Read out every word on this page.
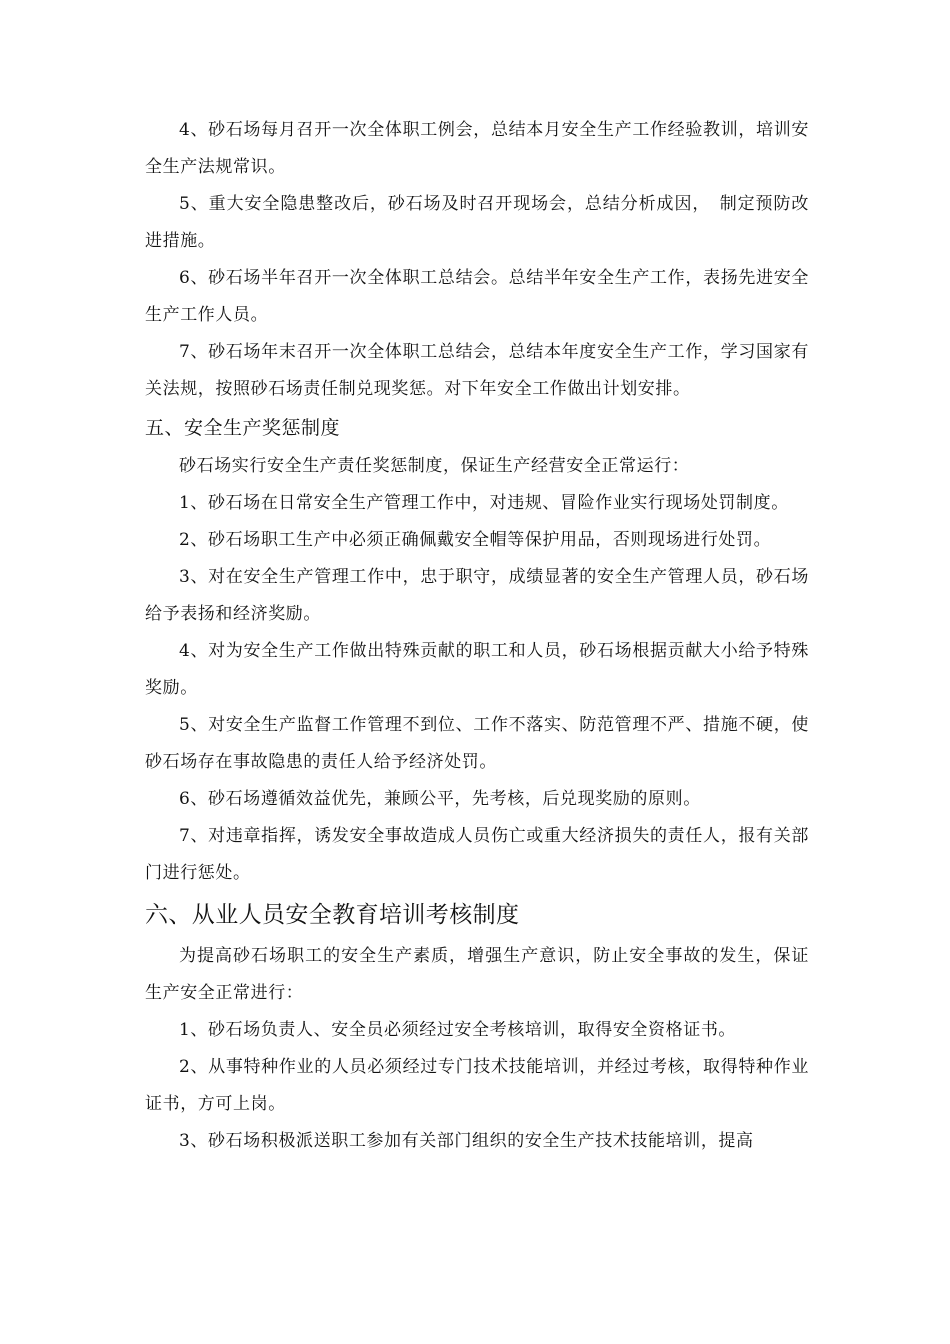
4、砂石场每月召开一次全体职工例会，总结本月安全生产工作经验教训，培训安全生产法规常识。

5、重大安全隐患整改后，砂石场及时召开现场会，总结分析成因，　制定预防改进措施。

6、砂石场半年召开一次全体职工总结会。总结半年安全生产工作，表扬先进安全生产工作人员。

7、砂石场年末召开一次全体职工总结会，总结本年度安全生产工作，学习国家有关法规，按照砂石场责任制兑现奖惩。对下年安全工作做出计划安排。

五、安全生产奖惩制度

砂石场实行安全生产责任奖惩制度，保证生产经营安全正常运行：

1、砂石场在日常安全生产管理工作中，对违规、冒险作业实行现场处罚制度。

2、砂石场职工生产中必须正确佩戴安全帽等保护用品，否则现场进行处罚。

3、对在安全生产管理工作中，忠于职守，成绩显著的安全生产管理人员，砂石场给予表扬和经济奖励。

4、对为安全生产工作做出特殊贡献的职工和人员，砂石场根据贡献大小给予特殊奖励。

5、对安全生产监督工作管理不到位、工作不落实、防范管理不严、措施不硬，使砂石场存在事故隐患的责任人给予经济处罚。

6、砂石场遵循效益优先，兼顾公平，先考核，后兑现奖励的原则。

7、对违章指挥，诱发安全事故造成人员伤亡或重大经济损失的责任人，报有关部门进行惩处。

六、从业人员安全教育培训考核制度

为提高砂石场职工的安全生产素质，增强生产意识，防止安全事故的发生，保证生产安全正常进行：

1、砂石场负责人、安全员必须经过安全考核培训，取得安全资格证书。

2、从事特种作业的人员必须经过专门技术技能培训，并经过考核，取得特种作业证书，方可上岗。

3、砂石场积极派送职工参加有关部门组织的安全生产技术技能培训，提高
